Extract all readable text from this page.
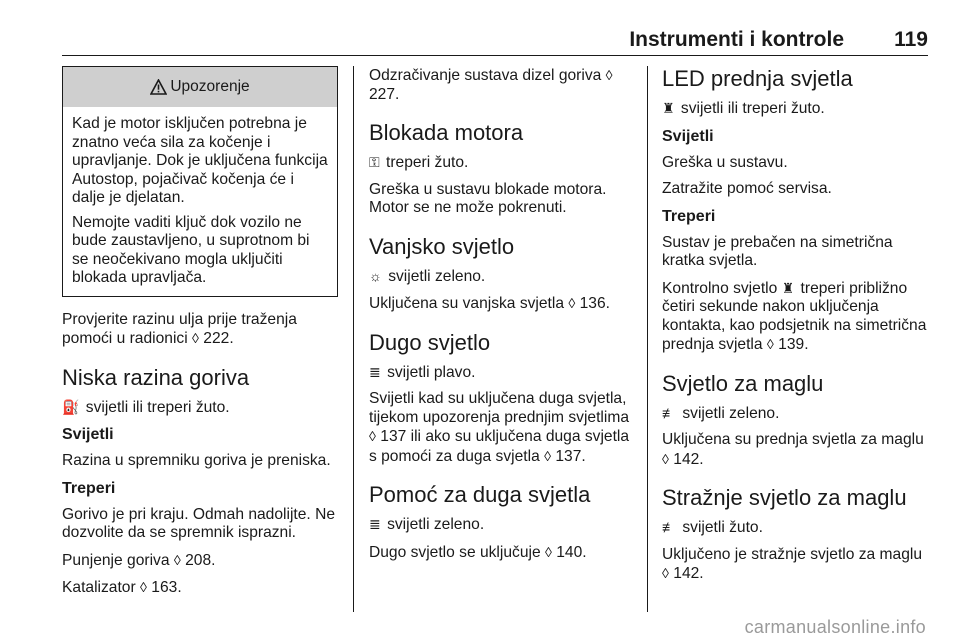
Instrumenti i kontrole 119
Upozorenje

Kad je motor isključen potrebna je znatno veća sila za kočenje i upravljanje. Dok je uključena funkcija Autostop, pojačivač kočenja će i dalje je djelatan.

Nemojte vaditi ključ dok vozilo ne bude zaustavljeno, u suprotnom bi se neočekivano mogla uključiti blokada upravljača.

Provjerite razinu ulja prije traženja pomoći u radionici ◊ 222.

Niska razina goriva

⛽ svijetli ili treperi žuto.

Svijetli

Razina u spremniku goriva je preniska.

Treperi

Gorivo je pri kraju. Odmah nadolijte. Ne dozvolite da se spremnik isprazni.

Punjenje goriva ◊ 208.

Katalizator ◊ 163.

Odzračivanje sustava dizel goriva ◊ 227.

Blokada motora

⚿ treperi žuto.

Greška u sustavu blokade motora. Motor se ne može pokrenuti.

Vanjsko svjetlo

☼ svijetli zeleno.

Uključena su vanjska svjetla ◊ 136.

Dugo svjetlo

≣ svijetli plavo.

Svijetli kad su uključena duga svjetla, tijekom upozorenja prednjim svjetlima ◊ 137 ili ako su uključena duga svjetla s pomoći za duga svjetla ◊ 137.

Pomoć za duga svjetla

≣ svijetli zeleno.

Dugo svjetlo se uključuje ◊ 140.

LED prednja svjetla

♜ svijetli ili treperi žuto.

Svijetli

Greška u sustavu.

Zatražite pomoć servisa.

Treperi

Sustav je prebačen na simetrična kratka svjetla.

Kontrolno svjetlo ♜ treperi približno četiri sekunde nakon uključenja kontakta, kao podsjetnik na simetrična prednja svjetla ◊ 139.

Svjetlo za maglu

≢ svijetli zeleno.

Uključena su prednja svjetla za maglu ◊ 142.

Stražnje svjetlo za maglu

≢ svijetli žuto.

Uključeno je stražnje svjetlo za maglu ◊ 142.

carmanualsonline.info
